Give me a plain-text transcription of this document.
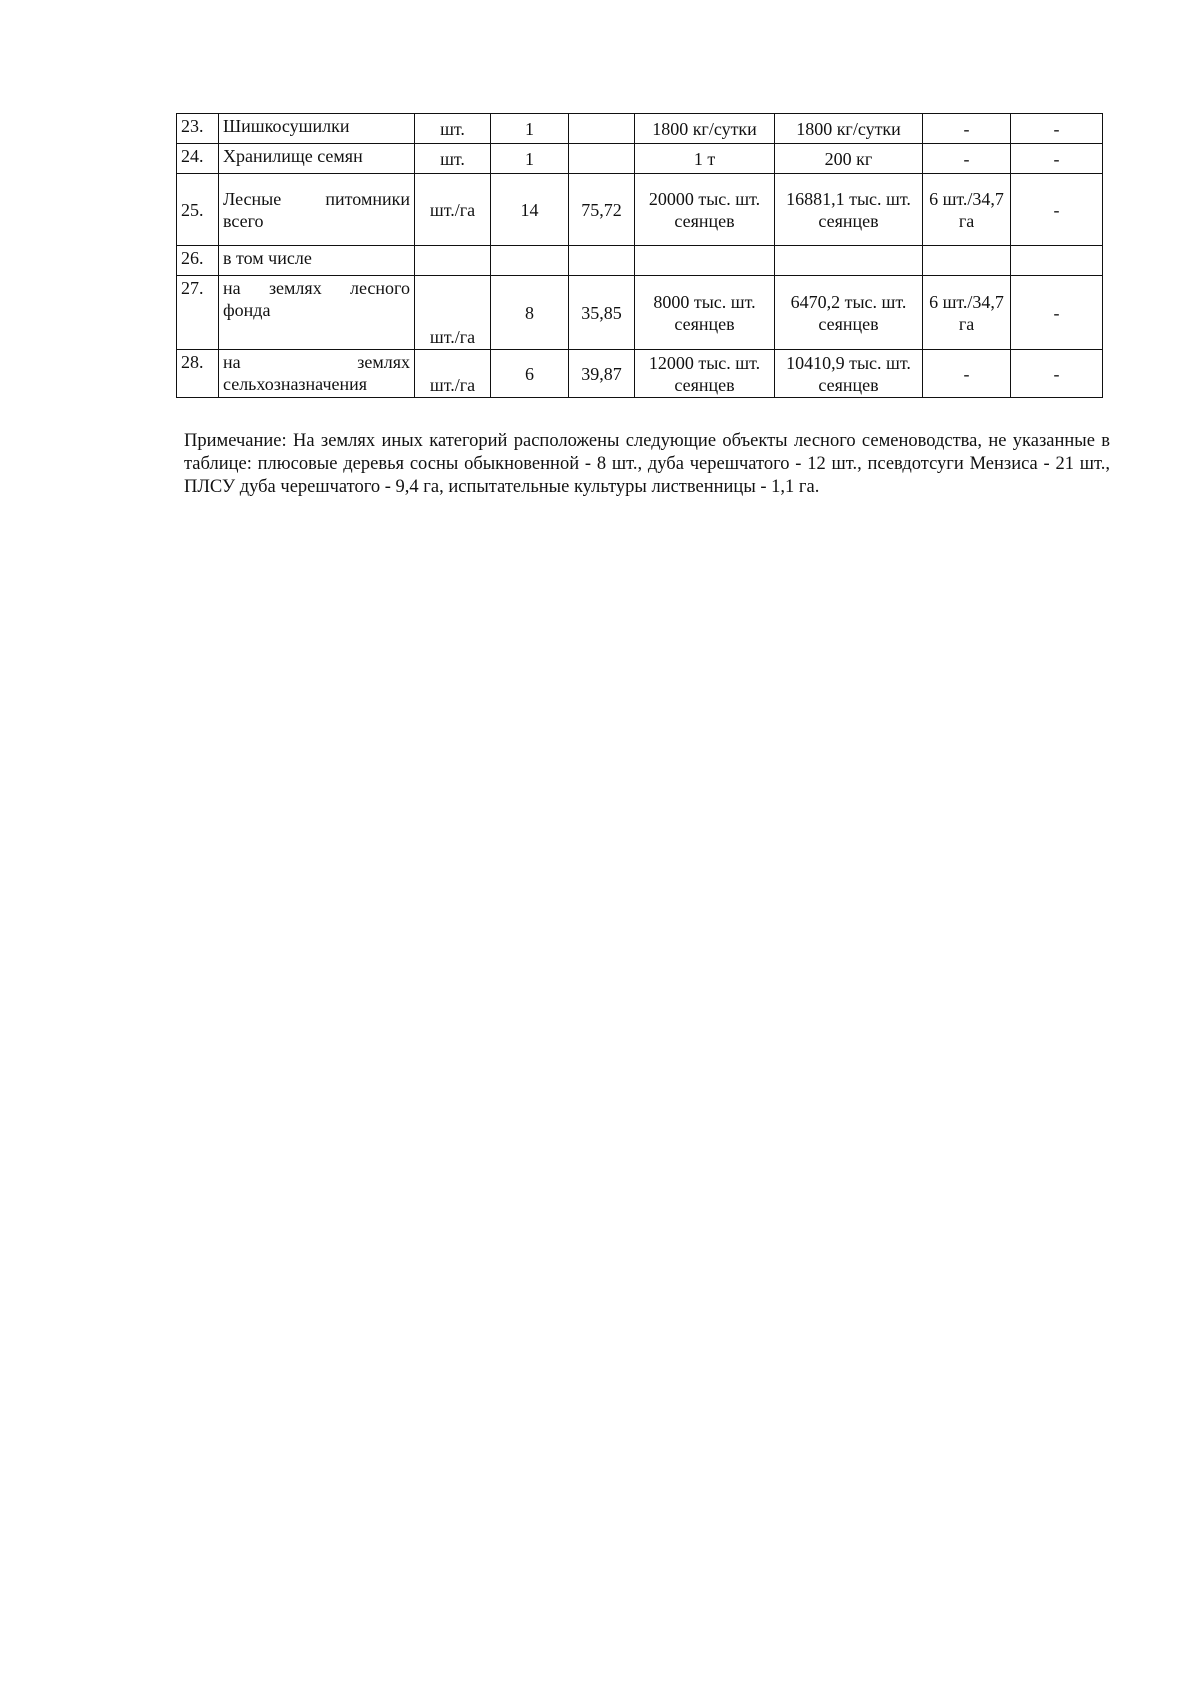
23.	Шишкосушилки	шт.	1		1800 кг/сутки	1800 кг/сутки	-	-
24.	Хранилище семян	шт.	1		1 т	200 кг	-	-
25.	Лесные питомники всего	шт./га	14	75,72	20000 тыс. шт. сеянцев	16881,1 тыс. шт. сеянцев	6 шт./34,7 га	-
26.	в том числе							
27.	на землях лесного фонда	шт./га	8	35,85	8000 тыс. шт. сеянцев	6470,2 тыс. шт. сеянцев	6 шт./34,7 га	-
28.	на землях сельхозназначения	шт./га	6	39,87	12000 тыс. шт. сеянцев	10410,9 тыс. шт. сеянцев	-	-

Примечание: На землях иных категорий расположены следующие объекты лесного семеноводства, не указанные в таблице: плюсовые деревья сосны обыкновенной - 8 шт., дуба черешчатого - 12 шт., псевдотсуги Мензиса - 21 шт., ПЛСУ дуба черешчатого - 9,4 га, испытательные культуры лиственницы - 1,1 га.
